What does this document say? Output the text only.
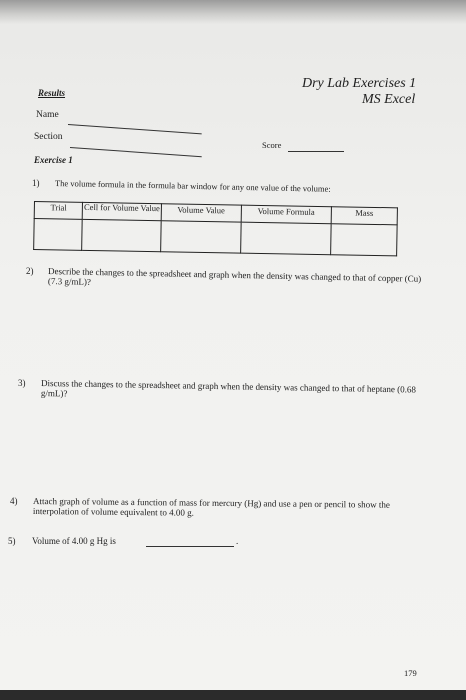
Dry Lab Exercises 1
MS Excel
Results
Name
Section
Score
Exercise 1
1) The volume formula in the formula bar window for any one value of the volume:
Trial	Cell for Volume Value	Volume Value	Volume Formula	Mass

2) Describe the changes to the spreadsheet and graph when the density was changed to that of copper (Cu) (7.3 g/mL)?
3) Discuss the changes to the spreadsheet and graph when the density was changed to that of heptane (0.68 g/mL)?
4) Attach graph of volume as a function of mass for mercury (Hg) and use a pen or pencil to show the interpolation of volume equivalent to 4.00 g.
5) Volume of 4.00 g Hg is	.
179
